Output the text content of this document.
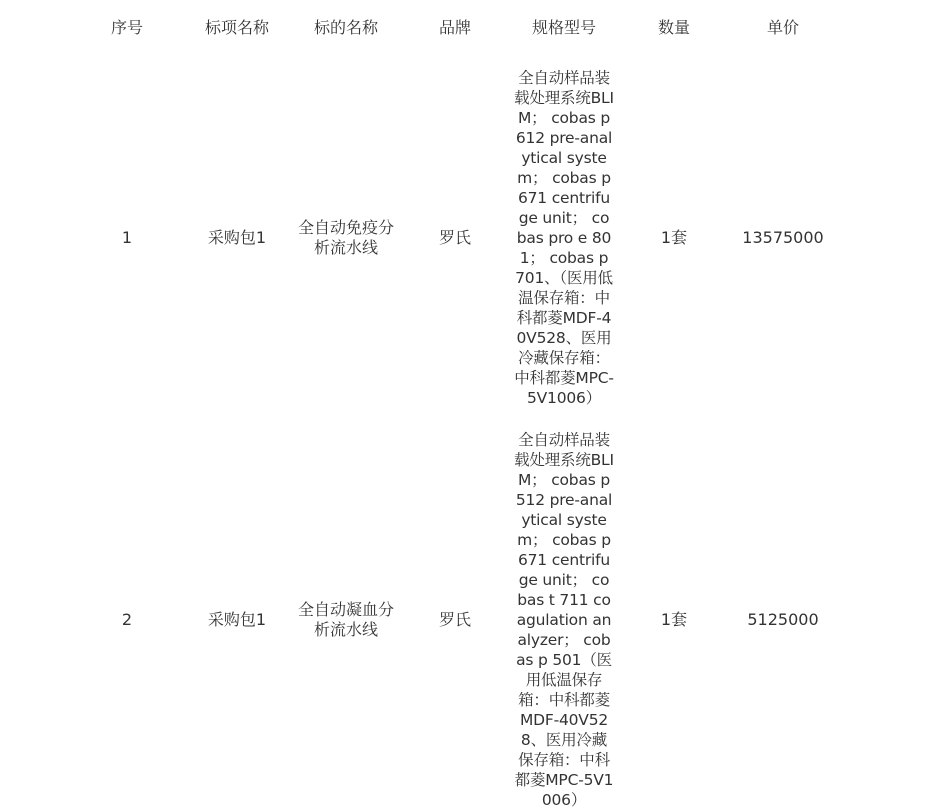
序号	标项名称	标的名称	品牌	规格型号	数量	单价
1	采购包1	全自动免疫分析流水线	罗氏	全自动样品装载处理系统BLIM； cobas p 612 pre-analytical system； cobas p 671 centrifuge unit； cobas pro e 801； cobas p 701、（医用低温保存箱：中科都菱MDF-40V528、医用冷藏保存箱：中科都菱MPC-5V1006）	1套	13575000
2	采购包1	全自动凝血分析流水线	罗氏	全自动样品装载处理系统BLIM； cobas p 512 pre-analytical system； cobas p 671 centrifuge unit； cobas t 711 coagulation analyzer； cobas p 501（医用低温保存箱：中科都菱MDF-40V528、医用冷藏保存箱：中科都菱MPC-5V1006）	1套	5125000
